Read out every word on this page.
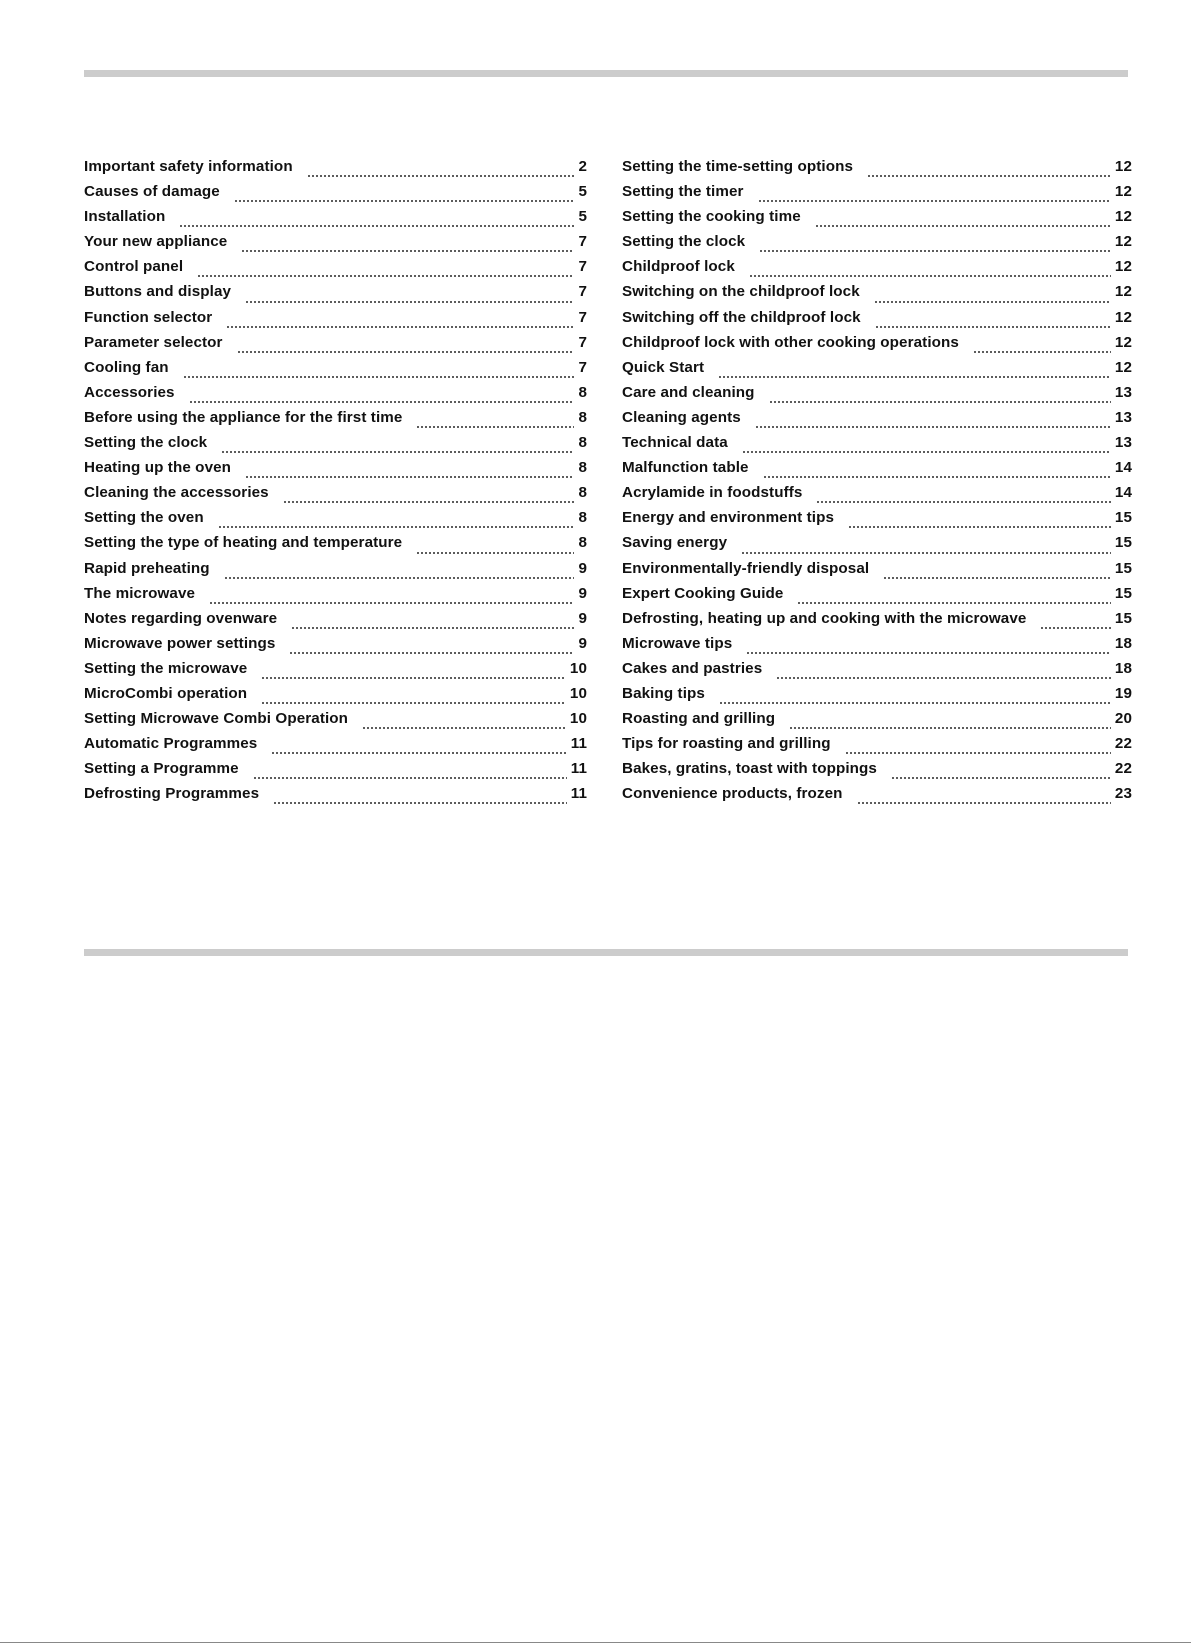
Important safety information	2
Causes of damage	5
Installation	5
Your new appliance	7
Control panel	7
Buttons and display	7
Function selector	7
Parameter selector	7
Cooling fan	7
Accessories	8
Before using the appliance for the first time	8
Setting the clock	8
Heating up the oven	8
Cleaning the accessories	8
Setting the oven	8
Setting the type of heating and temperature	8
Rapid preheating	9
The microwave	9
Notes regarding ovenware	9
Microwave power settings	9
Setting the microwave	10
MicroCombi operation	10
Setting Microwave Combi Operation	10
Automatic Programmes	11
Setting a Programme	11
Defrosting Programmes	11
Setting the time-setting options	12
Setting the timer	12
Setting the cooking time	12
Setting the clock	12
Childproof lock	12
Switching on the childproof lock	12
Switching off the childproof lock	12
Childproof lock with other cooking operations	12
Quick Start	12
Care and cleaning	13
Cleaning agents	13
Technical data	13
Malfunction table	14
Acrylamide in foodstuffs	14
Energy and environment tips	15
Saving energy	15
Environmentally-friendly disposal	15
Expert Cooking Guide	15
Defrosting, heating up and cooking with the microwave	15
Microwave tips	18
Cakes and pastries	18
Baking tips	19
Roasting and grilling	20
Tips for roasting and grilling	22
Bakes, gratins, toast with toppings	22
Convenience products, frozen	23
